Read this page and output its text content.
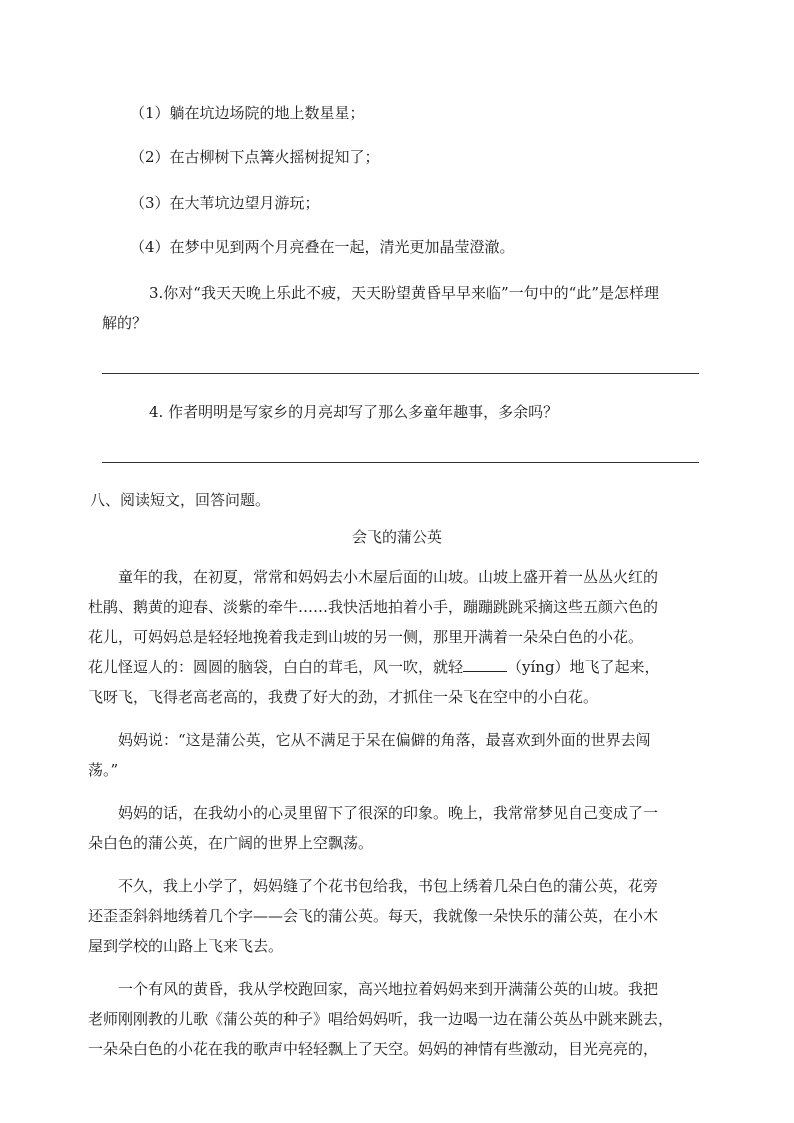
（1）躺在坑边场院的地上数星星；
（2）在古柳树下点篝火摇树捉知了；
（3）在大苇坑边望月游玩；
（4）在梦中见到两个月亮叠在一起，清光更加晶莹澄澈。
3.你对“我天天晚上乐此不疲，天天盼望黄昏早早来临”一句中的“此”是怎样理
解的？
4. 作者明明是写家乡的月亮却写了那么多童年趣事，多余吗？
八、阅读短文，回答问题。
会飞的蒲公英
童年的我，在初夏，常常和妈妈去小木屋后面的山坡。山坡上盛开着一丛丛火红的
杜鹃、鹅黄的迎春、淡紫的牵牛……我快活地拍着小手，蹦蹦跳跳采摘这些五颜六色的
花儿，可妈妈总是轻轻地挽着我走到山坡的另一侧，那里开满着一朵朵白色的小花。
花儿怪逗人的：圆圆的脑袋，白白的茸毛，风一吹，就轻	（yíng）地飞了起来，
飞呀飞，飞得老高老高的，我费了好大的劲，才抓住一朵飞在空中的小白花。
妈妈说：“这是蒲公英，它从不满足于呆在偏僻的角落，最喜欢到外面的世界去闯
荡。”
妈妈的话，在我幼小的心灵里留下了很深的印象。晚上，我常常梦见自己变成了一
朵白色的蒲公英，在广阔的世界上空飘荡。
不久，我上小学了，妈妈缝了个花书包给我，书包上绣着几朵白色的蒲公英，花旁
还歪歪斜斜地绣着几个字——会飞的蒲公英。每天，我就像一朵快乐的蒲公英，在小木
屋到学校的山路上飞来飞去。
一个有风的黄昏，我从学校跑回家，高兴地拉着妈妈来到开满蒲公英的山坡。我把
老师刚刚教的儿歌《蒲公英的种子》唱给妈妈听，我一边喝一边在蒲公英丛中跳来跳去，
一朵朵白色的小花在我的歌声中轻轻飘上了天空。妈妈的神情有些激动，目光亮亮的，
